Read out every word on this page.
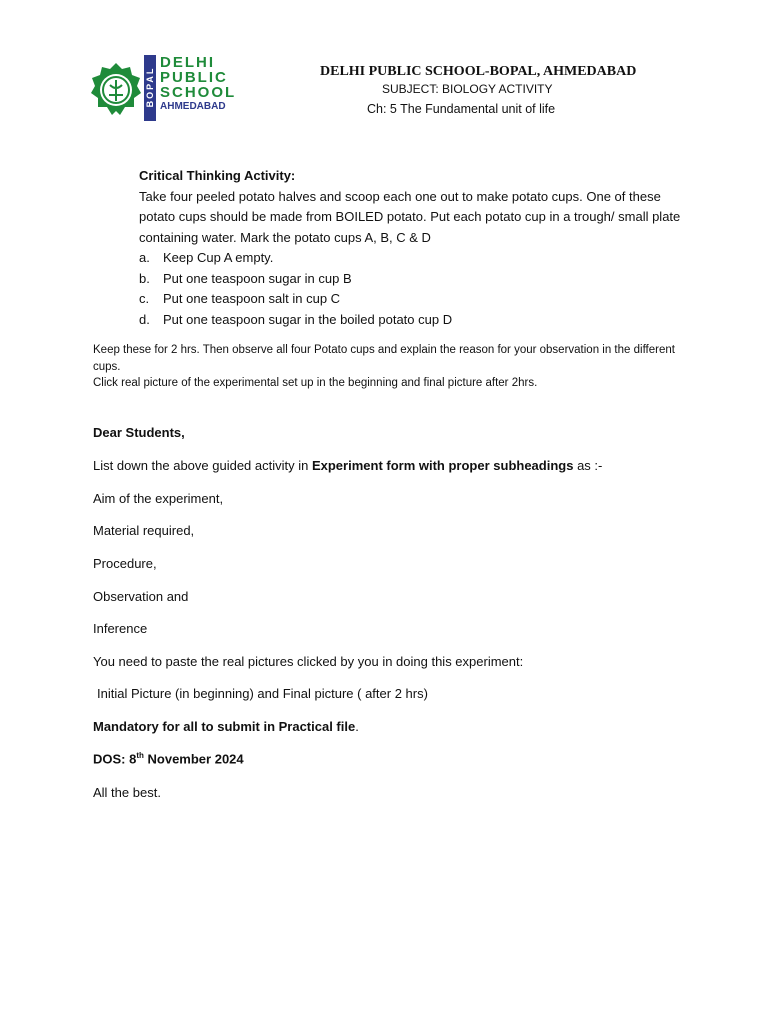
BOPAL
DELHI
PUBLIC
SCHOOL
AHMEDABAD
DELHI PUBLIC SCHOOL-BOPAL, AHMEDABAD
SUBJECT: BIOLOGY ACTIVITY
Ch: 5 The Fundamental unit of life
Critical Thinking Activity:
Take four peeled potato halves and scoop each one out to make potato cups. One of these potato cups should be made from BOILED potato. Put each potato cup in a trough/ small plate containing water. Mark the potato cups A, B, C & D
a. Keep Cup A empty.
b. Put one teaspoon sugar in cup B
c. Put one teaspoon salt in cup C
d. Put one teaspoon sugar in the boiled potato cup D
Keep these for 2 hrs. Then observe all four Potato cups and explain the reason for your observation in the different cups.
Click real picture of the experimental set up in the beginning and final picture after 2hrs.
Dear Students,
List down the above guided activity in Experiment form with proper subheadings as :-
Aim of the experiment,
Material required,
Procedure,
Observation and
Inference
You need to paste the real pictures clicked by you in doing this experiment:
Initial Picture (in beginning) and Final picture ( after 2 hrs)
Mandatory for all to submit in Practical file.
DOS: 8th November 2024
All the best.
